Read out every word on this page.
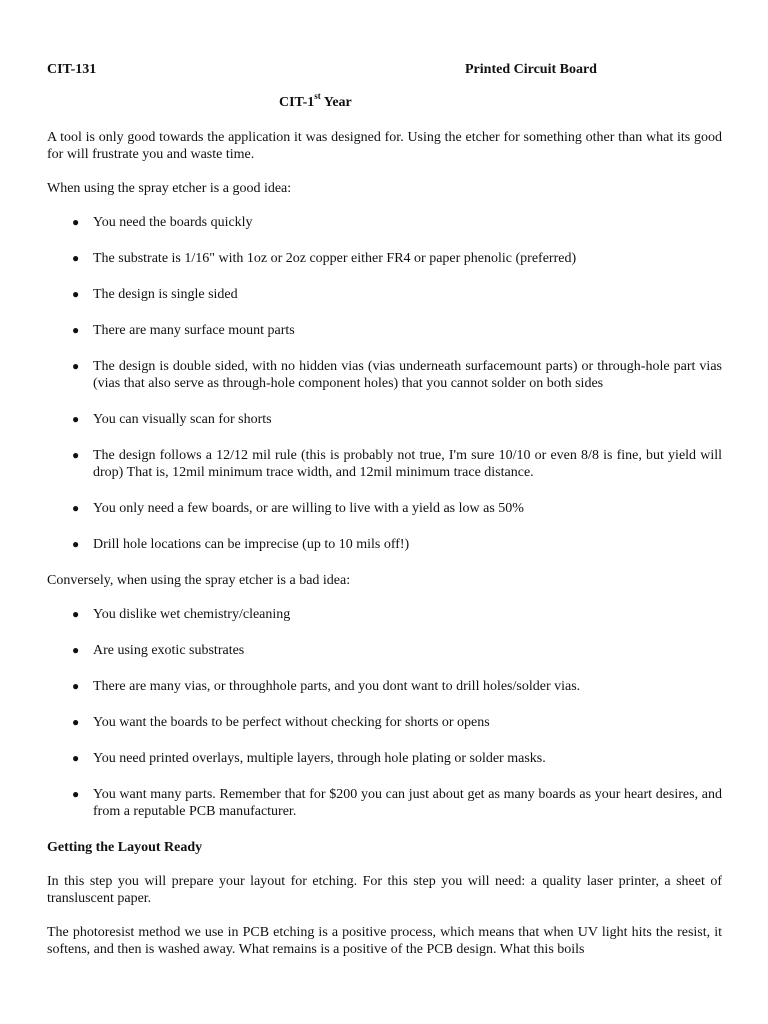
CIT-131	Printed Circuit Board
CIT-1st Year

A tool is only good towards the application it was designed for. Using the etcher for something other than what its good for will frustrate you and waste time.

When using the spray etcher is a good idea:

● You need the boards quickly
● The substrate is 1/16" with 1oz or 2oz copper either FR4 or paper phenolic (preferred)
● The design is single sided
● There are many surface mount parts
● The design is double sided, with no hidden vias (vias underneath surfacemount parts) or through-hole part vias (vias that also serve as through-hole component holes) that you cannot solder on both sides
● You can visually scan for shorts
● The design follows a 12/12 mil rule (this is probably not true, I'm sure 10/10 or even 8/8 is fine, but yield will drop) That is, 12mil minimum trace width, and 12mil minimum trace distance.
● You only need a few boards, or are willing to live with a yield as low as 50%
● Drill hole locations can be imprecise (up to 10 mils off!)

Conversely, when using the spray etcher is a bad idea:

● You dislike wet chemistry/cleaning
● Are using exotic substrates
● There are many vias, or throughhole parts, and you dont want to drill holes/solder vias.
● You want the boards to be perfect without checking for shorts or opens
● You need printed overlays, multiple layers, through hole plating or solder masks.
● You want many parts. Remember that for $200 you can just about get as many boards as your heart desires, and from a reputable PCB manufacturer.
Getting the Layout Ready

In this step you will prepare your layout for etching. For this step you will need: a quality laser printer, a sheet of transluscent paper.

The photoresist method we use in PCB etching is a positive process, which means that when UV light hits the resist, it softens, and then is washed away. What remains is a positive of the PCB design. What this boils
